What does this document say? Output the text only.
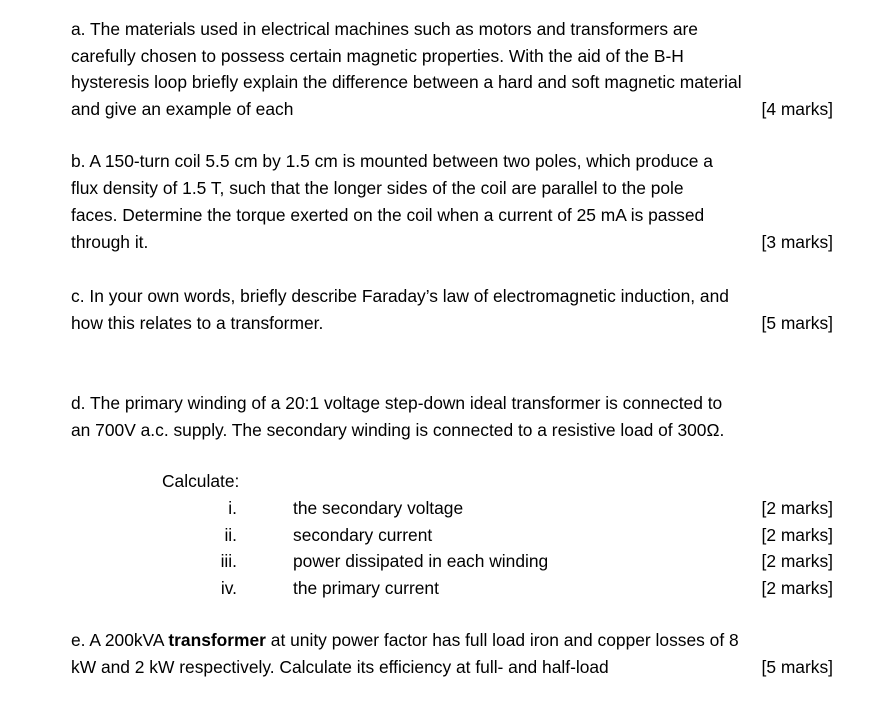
a. The materials used in electrical machines such as motors and transformers are
carefully chosen to possess certain magnetic properties. With the aid of the B-H
hysteresis loop briefly explain the difference between a hard and soft magnetic material
and give an example of each	[4 marks]
b. A 150-turn coil 5.5 cm by 1.5 cm is mounted between two poles, which produce a
flux density of 1.5 T, such that the longer sides of the coil are parallel to the pole
faces. Determine the torque exerted on the coil when a current of 25 mA is passed
through it.	[3 marks]
c. In your own words, briefly describe Faraday’s law of electromagnetic induction, and
how this relates to a transformer.	[5 marks]
d. The primary winding of a 20:1 voltage step-down ideal transformer is connected to
an 700V a.c. supply. The secondary winding is connected to a resistive load of 300Ω.
Calculate:
i.	the secondary voltage	[2 marks]
ii.	secondary current	[2 marks]
iii.	power dissipated in each winding	[2 marks]
iv.	the primary current	[2 marks]
e. A 200kVA transformer at unity power factor has full load iron and copper losses of 8
kW and 2 kW respectively. Calculate its efficiency at full- and half-load	[5 marks]
